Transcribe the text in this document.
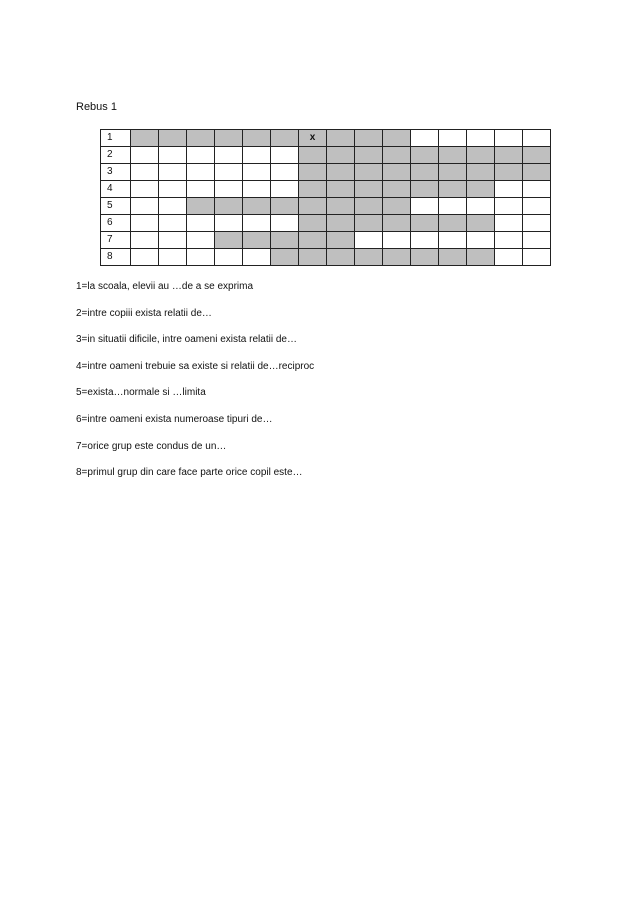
Rebus 1
1							x								
2															
3															
4															
5															
6															
7															
8															
1=la scoala, elevii au …de a se exprima
2=intre copiii exista relatii de…
3=in situatii dificile, intre oameni exista relatii de…
4=intre oameni trebuie sa existe si relatii de…reciproc
5=exista…normale si …limita
6=intre oameni exista numeroase tipuri de…
7=orice grup este condus de un…
8=primul grup din care face parte orice copil este…
